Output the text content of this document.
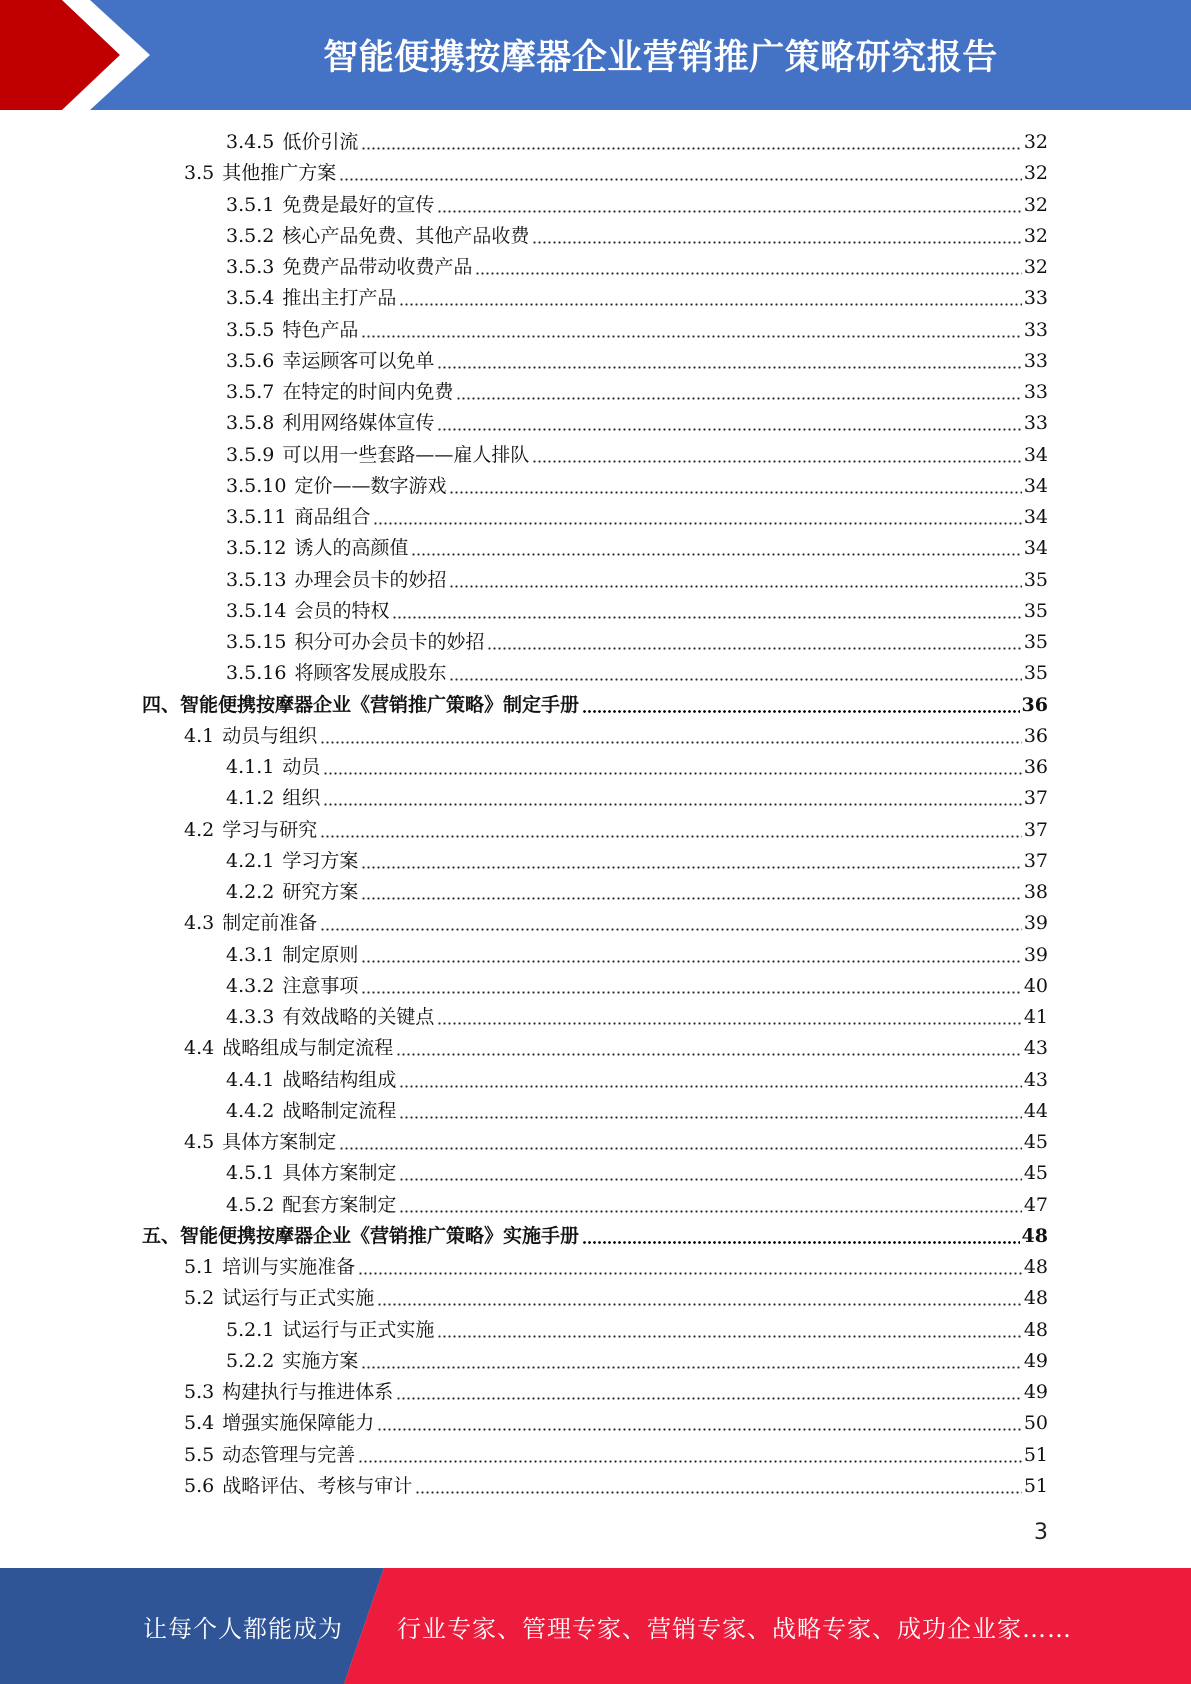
智能便携按摩器企业营销推广策略研究报告
3.4.5 低价引流	32
3.5 其他推广方案	32
3.5.1 免费是最好的宣传	32
3.5.2 核心产品免费、其他产品收费	32
3.5.3 免费产品带动收费产品	32
3.5.4 推出主打产品	33
3.5.5 特色产品	33
3.5.6 幸运顾客可以免单	33
3.5.7 在特定的时间内免费	33
3.5.8 利用网络媒体宣传	33
3.5.9 可以用一些套路——雇人排队	34
3.5.10 定价——数字游戏	34
3.5.11 商品组合	34
3.5.12 诱人的高颜值	34
3.5.13 办理会员卡的妙招	35
3.5.14 会员的特权	35
3.5.15 积分可办会员卡的妙招	35
3.5.16 将顾客发展成股东	35
四、 智能便携按摩器企业《营销推广策略》制定手册	36
4.1 动员与组织	36
4.1.1 动员	36
4.1.2 组织	37
4.2 学习与研究	37
4.2.1 学习方案	37
4.2.2 研究方案	38
4.3 制定前准备	39
4.3.1 制定原则	39
4.3.2 注意事项	40
4.3.3 有效战略的关键点	41
4.4 战略组成与制定流程	43
4.4.1 战略结构组成	43
4.4.2 战略制定流程	44
4.5 具体方案制定	45
4.5.1 具体方案制定	45
4.5.2 配套方案制定	47
五、 智能便携按摩器企业《营销推广策略》实施手册	48
5.1 培训与实施准备	48
5.2 试运行与正式实施	48
5.2.1 试运行与正式实施	48
5.2.2 实施方案	49
5.3 构建执行与推进体系	49
5.4 增强实施保障能力	50
5.5 动态管理与完善	51
5.6 战略评估、考核与审计	51
3
让每个人都能成为 行业专家、管理专家、营销专家、战略专家、成功企业家……
